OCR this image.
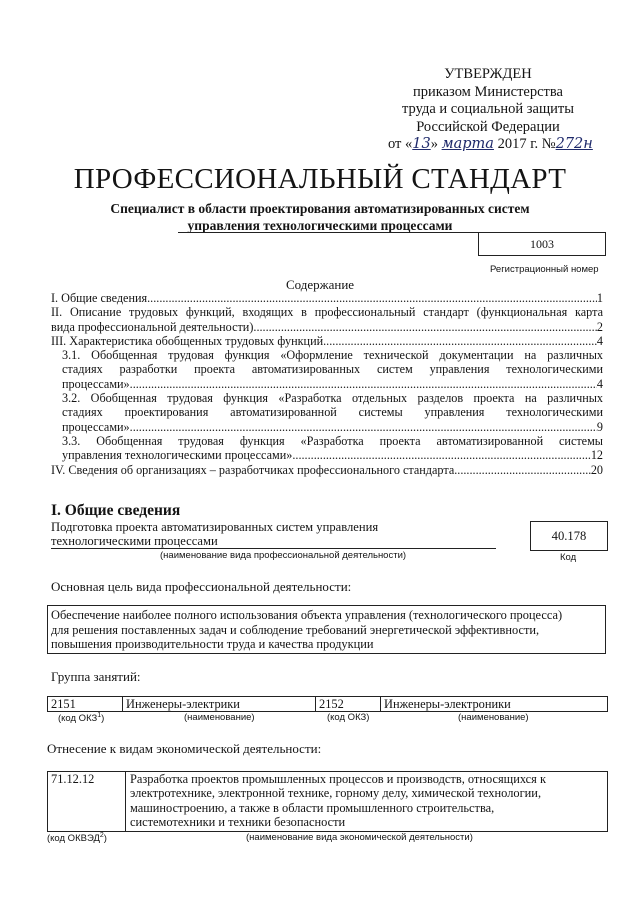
УТВЕРЖДЕН
приказом Министерства
труда и социальной защиты
Российской Федерации
от «13» марта 2017 г. №272н
ПРОФЕССИОНАЛЬНЫЙ СТАНДАРТ
Специалист в области проектирования автоматизированных систем
управления технологическими процессами
1003
Регистрационный номер
Содержание
I. Общие сведения .....	1
II. Описание трудовых функций, входящих в профессиональный стандарт (функциональная карта
вида профессиональной деятельности) .....	2
III. Характеристика обобщенных трудовых функций .....	4
3.1. Обобщенная трудовая функция «Оформление технической документации на различных
стадиях разработки проекта автоматизированных систем управления технологическими
процессами» .....	4
3.2. Обобщенная трудовая функция «Разработка отдельных разделов проекта на различных
стадиях проектирования автоматизированной системы управления технологическими
процессами» .....	9
3.3. Обобщенная трудовая функция «Разработка проекта автоматизированной системы
управления технологическими процессами» .....	12
IV. Сведения об организациях – разработчиках профессионального стандарта .....	20
I. Общие сведения
Подготовка проекта автоматизированных систем управления
технологическими процессами
(наименование вида профессиональной деятельности)
40.178
Код
Основная цель вида профессиональной деятельности:
Обеспечение наиболее полного использования объекта управления (технологического процесса)
для решения поставленных задач и соблюдение требований энергетической эффективности,
повышения производительности труда и качества продукции
Группа занятий:
2151	Инженеры-электрики	2152	Инженеры-электроники
(код ОКЗ$^1$)	(наименование)	(код ОКЗ)	(наименование)
Отнесение к видам экономической деятельности:
71.12.12	Разработка проектов промышленных процессов и производств, относящихся к
электротехнике, электронной технике, горному делу, химической технологии,
машиностроению, а также в области промышленного строительства,
системотехники и техники безопасности
(код ОКВЭД$^2$)	(наименование вида экономической деятельности)
